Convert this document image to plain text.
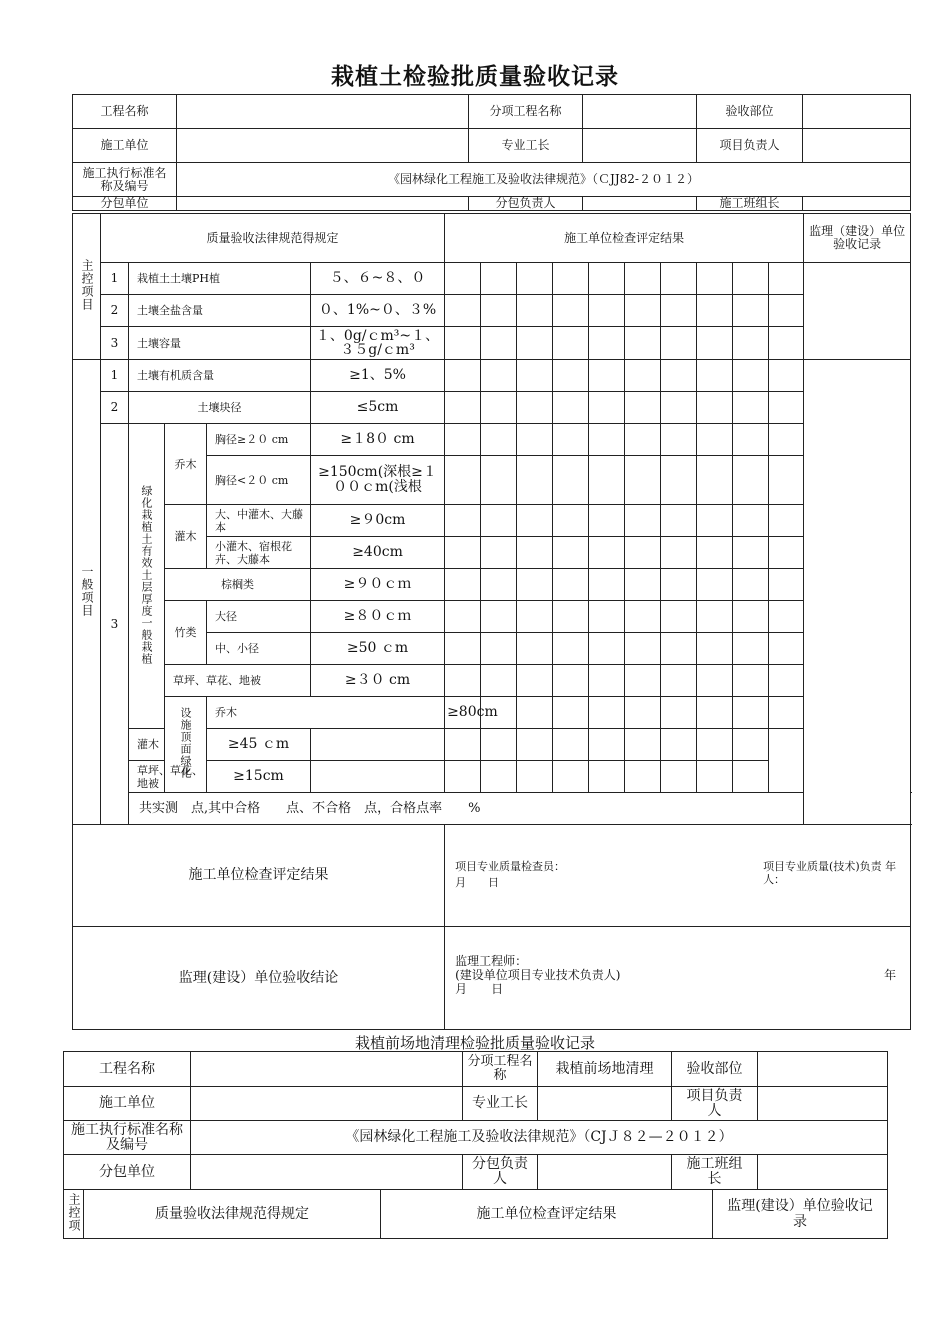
栽植土检验批质量验收记录
工程名称		分项工程名称		验收部位	
施工单位		专业工长		项目负责人	
施工执行标准名称及编号	《园林绿化工程施工及验收法律规范》（ＣJJ82-２０１２）				
分包单位		分包负责人		施工班组长	
主控项目	质量验收法律规范得规定					施工单位检查评定结果										监理（建设）单位验收记录	
	1	栽植土土壤PH植			５、６~８、０												
	2	土壤全盐含量			０、1%~０、３%												
	3	土壤容量			１、0g/ｃm³~１、３５g/ｃm³												
一般项目	1	土壤有机质含量			≥1、5%												
	2	土壤块径			≤5cm												
	3	绿化栽植土有效土层厚度一般栽植	乔木	胸径≥２０ cm	≥１8０ cm												
				胸径<２０ cm	≥150cm(深根≥１００ｃm(浅根												
			灌木	大、中灌木、大藤本	≥９0cm												
				小灌木、宿根花卉、大藤本	≥40cm												
			棕榈类		≥９０ｃｍ												
			竹类	大径	≥８０ｃｍ												
				中、小径	≥50 ｃm												
			草坪、草花、地被		≥３０ cm												
			设施顶面绿化	乔木		≥80cm											
		灌木		≥45 ｃm													
		草坪、草花、地被		≥15cm													
		共实测　点,其中合格　　点、不合格　点，合格点率　　%															
施工单位检查评定结果						项目专业质量检查员： 项目专业质量(技术)负责人：
年
月　　日											

监理(建设）单位验收结论						监理工程师：
(建设单位项目专业技术负责人) 年
月　　日											
栽植前场地清理检验批质量验收记录
工程名称				分项工程名称	栽植前场地清理	验收部位		
施工单位				专业工长		项目负责人		
施工执行标准名称及编号		《园林绿化工程施工及验收法律规范》（CJＪ８２—２０１２）						
分包单位				分包负责人		施工班组长		
主控项	质量验收法律规范得规定		施工单位检查评定结果				监理(建设）单位验收记录	
